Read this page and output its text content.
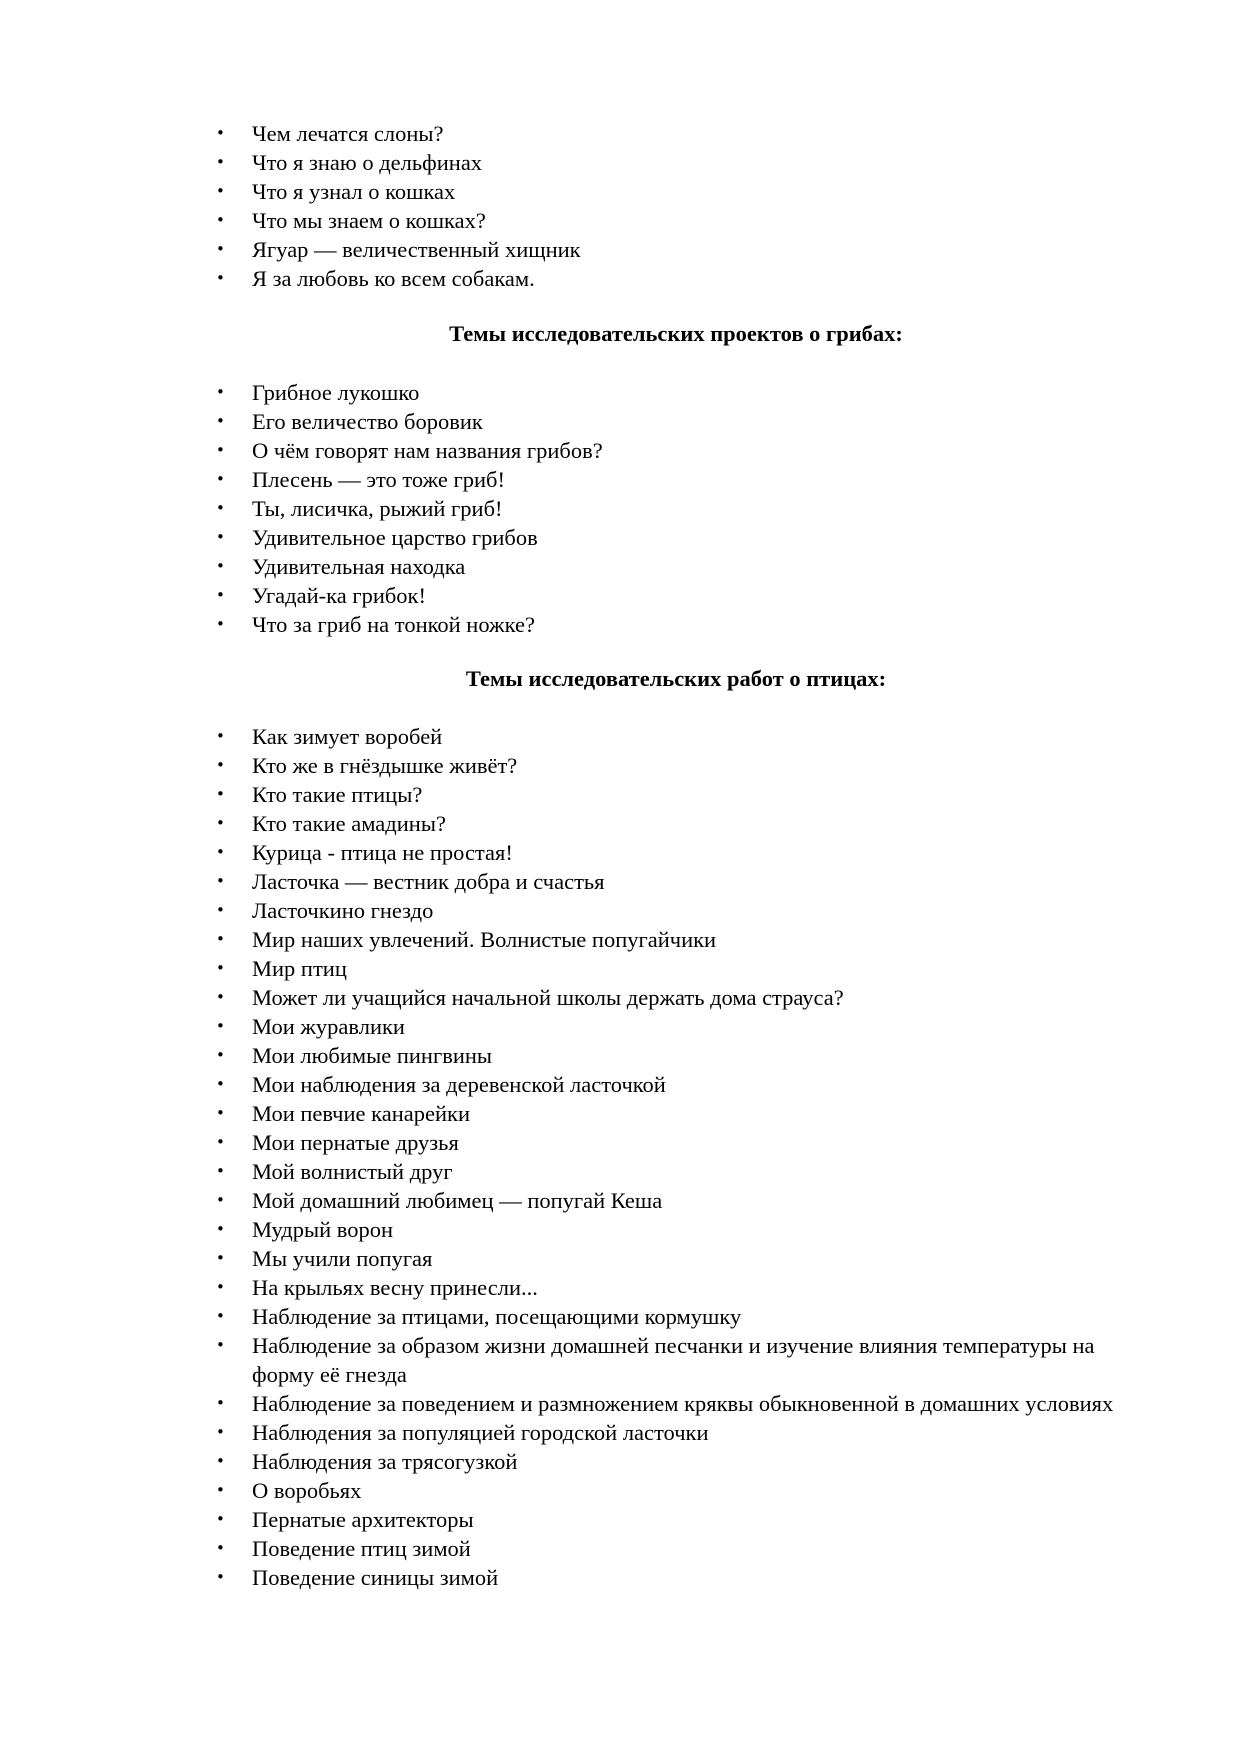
•	Чем лечатся слоны?
•	Что я знаю о дельфинах
•	Что я узнал о кошках
•	Что мы знаем о кошках?
•	Ягуар — величественный хищник
•	Я за любовь ко всем собакам.
Темы исследовательских проектов о грибах:
•	Грибное лукошко
•	Его величество боровик
•	О чём говорят нам названия грибов?
•	Плесень — это тоже гриб!
•	Ты, лисичка, рыжий гриб!
•	Удивительное царство грибов
•	Удивительная находка
•	Угадай-ка грибок!
•	Что за гриб на тонкой ножке?
Темы исследовательских работ о птицах:
•	Как зимует воробей
•	Кто же в гнёздышке живёт?
•	Кто такие птицы?
•	Кто такие амадины?
•	Курица - птица не простая!
•	Ласточка — вестник добра и счастья
•	Ласточкино гнездо
•	Мир наших увлечений. Волнистые попугайчики
•	Мир птиц
•	Может ли учащийся начальной школы держать дома страуса?
•	Мои журавлики
•	Мои любимые пингвины
•	Мои наблюдения за деревенской ласточкой
•	Мои певчие канарейки
•	Мои пернатые друзья
•	Мой волнистый друг
•	Мой домашний любимец — попугай Кеша
•	Мудрый ворон
•	Мы учили попугая
•	На крыльях весну принесли...
•	Наблюдение за птицами, посещающими кормушку
•	Наблюдение за образом жизни домашней песчанки и изучение влияния температуры на форму её гнезда
•	Наблюдение за поведением и размножением кряквы обыкновенной в домашних условиях
•	Наблюдения за популяцией городской ласточки
•	Наблюдения за трясогузкой
•	О воробьях
•	Пернатые архитекторы
•	Поведение птиц зимой
•	Поведение синицы зимой
